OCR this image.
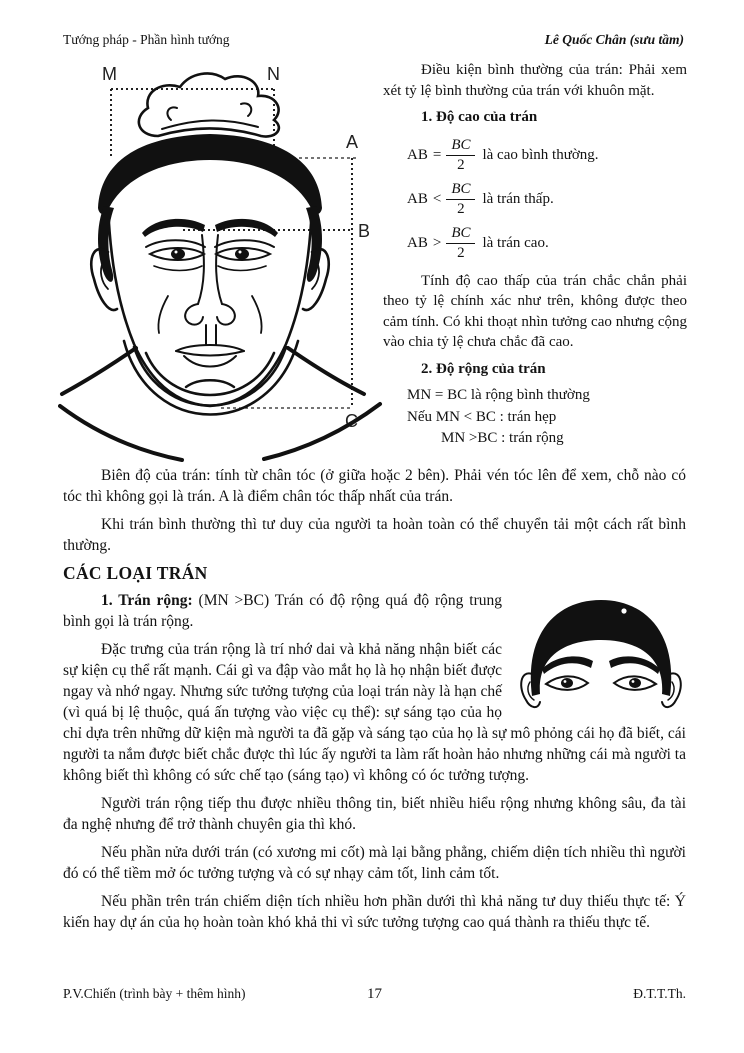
Tướng pháp - Phần hình tướng	Lê Quốc Chân (sưu tầm)
M	N
A
B
C

Điều kiện bình thường của trán: Phải xem xét tỷ lệ bình thường của trán với khuôn mặt.

1. Độ cao của trán
AB = $\frac{BC}{2}$ là cao bình thường.
AB < $\frac{BC}{2}$ là trán thấp.
AB > $\frac{BC}{2}$ là trán cao.

Tính độ cao thấp của trán chắc chắn phải theo tỷ lệ chính xác như trên, không được theo cảm tính. Có khi thoạt nhìn tưởng cao nhưng cộng vào chia tỷ lệ chưa chắc đã cao.

2. Độ rộng của trán
MN = BC là rộng bình thường
Nếu MN < BC : trán hẹp
MN >BC : trán rộng

Biên độ của trán: tính từ chân tóc (ở giữa hoặc 2 bên). Phải vén tóc lên để xem, chỗ nào có tóc thì không gọi là trán. A là điểm chân tóc thấp nhất của trán.

Khi trán bình thường thì tư duy của người ta hoàn toàn có thể chuyển tải một cách rất bình thường.

CÁC LOẠI TRÁN

1. Trán rộng: (MN >BC) Trán có độ rộng quá độ rộng trung bình gọi là trán rộng.

Đặc trưng của trán rộng là trí nhớ dai và khả năng nhận biết các sự kiện cụ thể rất mạnh. Cái gì va đập vào mắt họ là họ nhận biết được ngay và nhớ ngay. Nhưng sức tưởng tượng của loại trán này là hạn chế (vì quá bị lệ thuộc, quá ấn tượng vào việc cụ thể): sự sáng tạo của họ chỉ dựa trên những dữ kiện mà người ta đã gặp và sáng tạo của họ là sự mô phỏng cái họ đã biết, cái người ta nắm được biết chắc được thì lúc ấy người ta làm rất hoàn hảo nhưng những cái mà người ta không biết thì không có sức chế tạo (sáng tạo) vì không có óc tưởng tượng.

Người trán rộng tiếp thu được nhiều thông tin, biết nhiều hiểu rộng nhưng không sâu, đa tài đa nghệ nhưng để trở thành chuyên gia thì khó.

Nếu phần nửa dưới trán (có xương mi cốt) mà lại bằng phẳng, chiếm diện tích nhiều thì người đó có thể tiềm mở óc tưởng tượng và có sự nhạy cảm tốt, linh cảm tốt.

Nếu phần trên trán chiếm diện tích nhiều hơn phần dưới thì khả năng tư duy thiếu thực tế: Ý kiến hay dự án của họ hoàn toàn khó khả thi vì sức tưởng tượng cao quá thành ra thiếu thực tế.

17
P.V.Chiến (trình bày + thêm hình)	Đ.T.T.Th.
